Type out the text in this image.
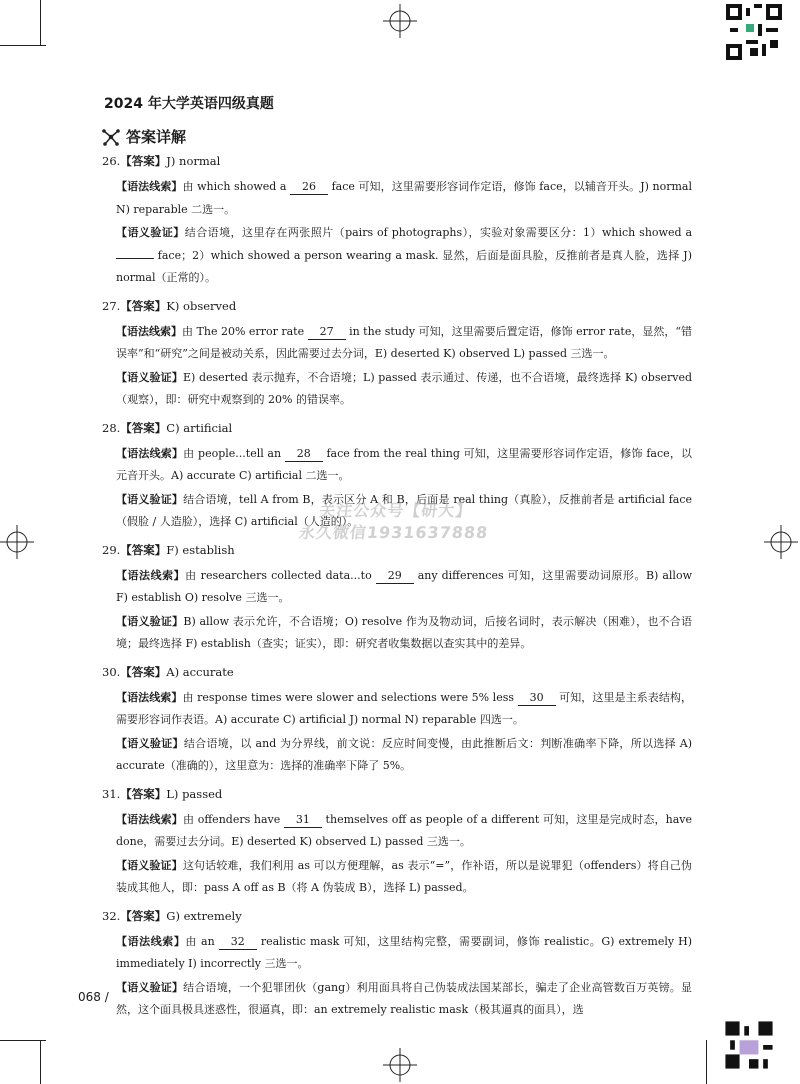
2024 年大学英语四级真题
答案详解
26.【答案】J) normal
【语法线索】由 which showed a 26 face 可知，这里需要形容词作定语，修饰 face，以辅音开头。J) normal N) reparable 二选一。
【语义验证】结合语境，这里存在两张照片（pairs of photographs），实验对象需要区分：1）which showed a  face；2）which showed a person wearing a mask. 显然，后面是面具脸，反推前者是真人脸，选择 J) normal（正常的）。
27.【答案】K) observed
【语法线索】由 The 20% error rate 27 in the study 可知，这里需要后置定语，修饰 error rate，显然，“错误率”和“研究”之间是被动关系，因此需要过去分词，E) deserted K) observed L) passed 三选一。
【语义验证】E) deserted 表示抛弃，不合语境；L) passed 表示通过、传递，也不合语境，最终选择 K) observed（观察），即：研究中观察到的 20% 的错误率。
28.【答案】C) artificial
【语法线索】由 people...tell an 28 face from the real thing 可知，这里需要形容词作定语，修饰 face，以元音开头。A) accurate C) artificial 二选一。
【语义验证】结合语境，tell A from B，表示区分 A 和 B，后面是 real thing（真脸），反推前者是 artificial face（假脸 / 人造脸），选择 C) artificial（人造的）。
29.【答案】F) establish
【语法线索】由 researchers collected data...to 29 any differences 可知，这里需要动词原形。B) allow F) establish O) resolve 三选一。
【语义验证】B) allow 表示允许，不合语境；O) resolve 作为及物动词，后接名词时，表示解决（困难），也不合语境；最终选择 F) establish（查实；证实），即：研究者收集数据以查实其中的差异。
30.【答案】A) accurate
【语法线索】由 response times were slower and selections were 5% less 30 可知，这里是主系表结构，需要形容词作表语。A) accurate C) artificial J) normal N) reparable 四选一。
【语义验证】结合语境，以 and 为分界线，前文说：反应时间变慢，由此推断后文：判断准确率下降，所以选择 A) accurate（准确的），这里意为：选择的准确率下降了 5%。
31.【答案】L) passed
【语法线索】由 offenders have 31 themselves off as people of a different 可知，这里是完成时态，have done，需要过去分词。E) deserted K) observed L) passed 三选一。
【语义验证】这句话较难，我们利用 as 可以方便理解，as 表示“=”，作补语，所以是说罪犯（offenders）将自己伪装成其他人，即：pass A off as B（将 A 伪装成 B），选择 L) passed。
32.【答案】G) extremely
【语法线索】由 an 32 realistic mask 可知，这里结构完整，需要副词，修饰 realistic。G) extremely H) immediately I) incorrectly 三选一。
【语义验证】结合语境，一个犯罪团伙（gang）利用面具将自己伪装成法国某部长，骗走了企业高管数百万英镑。显然，这个面具极具迷惑性，很逼真，即：an extremely realistic mask（极其逼真的面具），选
关注公众号【研大】
永久微信1931637888
068 /
